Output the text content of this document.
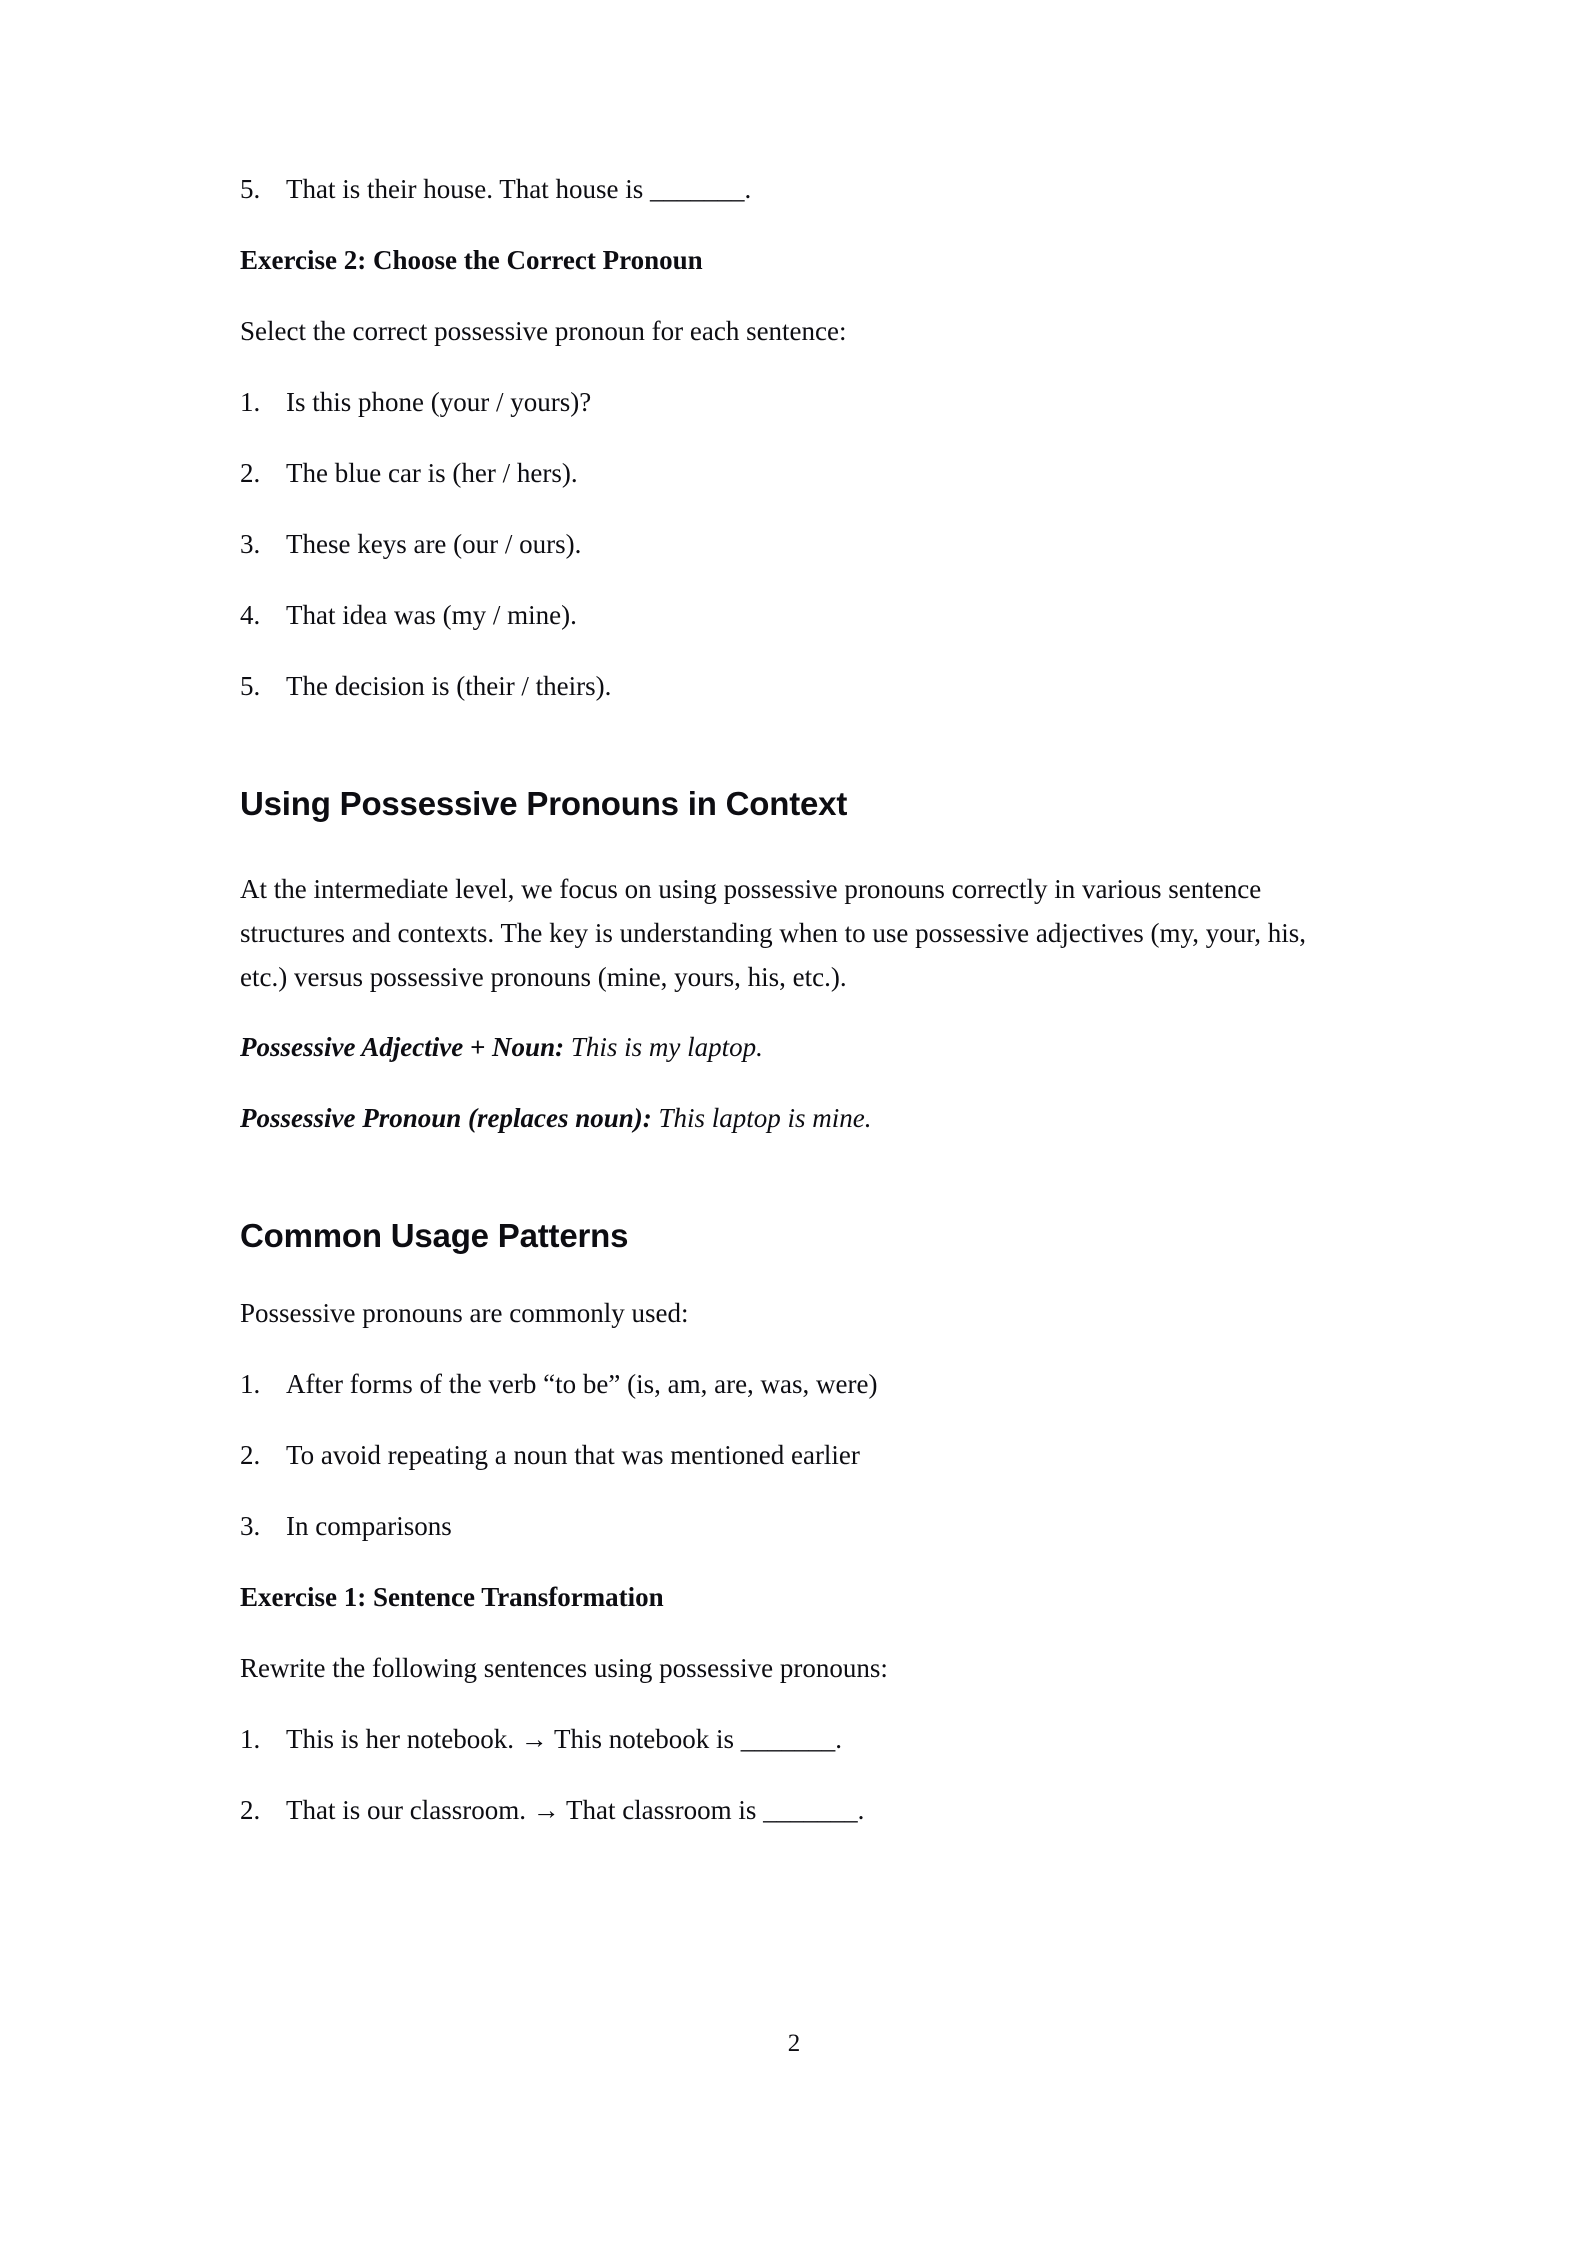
5. That is their house. That house is _______.
Exercise 2: Choose the Correct Pronoun

Select the correct possessive pronoun for each sentence:

1. Is this phone (your / yours)?
2. The blue car is (her / hers).
3. These keys are (our / ours).
4. That idea was (my / mine).
5. The decision is (their / theirs).
Using Possessive Pronouns in Context

At the intermediate level, we focus on using possessive pronouns correctly in various sentence structures and contexts. The key is understanding when to use possessive adjectives (my, your, his, etc.) versus possessive pronouns (mine, yours, his, etc.).

Possessive Adjective + Noun: This is my laptop.

Possessive Pronoun (replaces noun): This laptop is mine.

Common Usage Patterns

Possessive pronouns are commonly used:

1. After forms of the verb “to be” (is, am, are, was, were)
2. To avoid repeating a noun that was mentioned earlier
3. In comparisons
Exercise 1: Sentence Transformation

Rewrite the following sentences using possessive pronouns:

1. This is her notebook. → This notebook is _______.
2. That is our classroom. → That classroom is _______.
2
